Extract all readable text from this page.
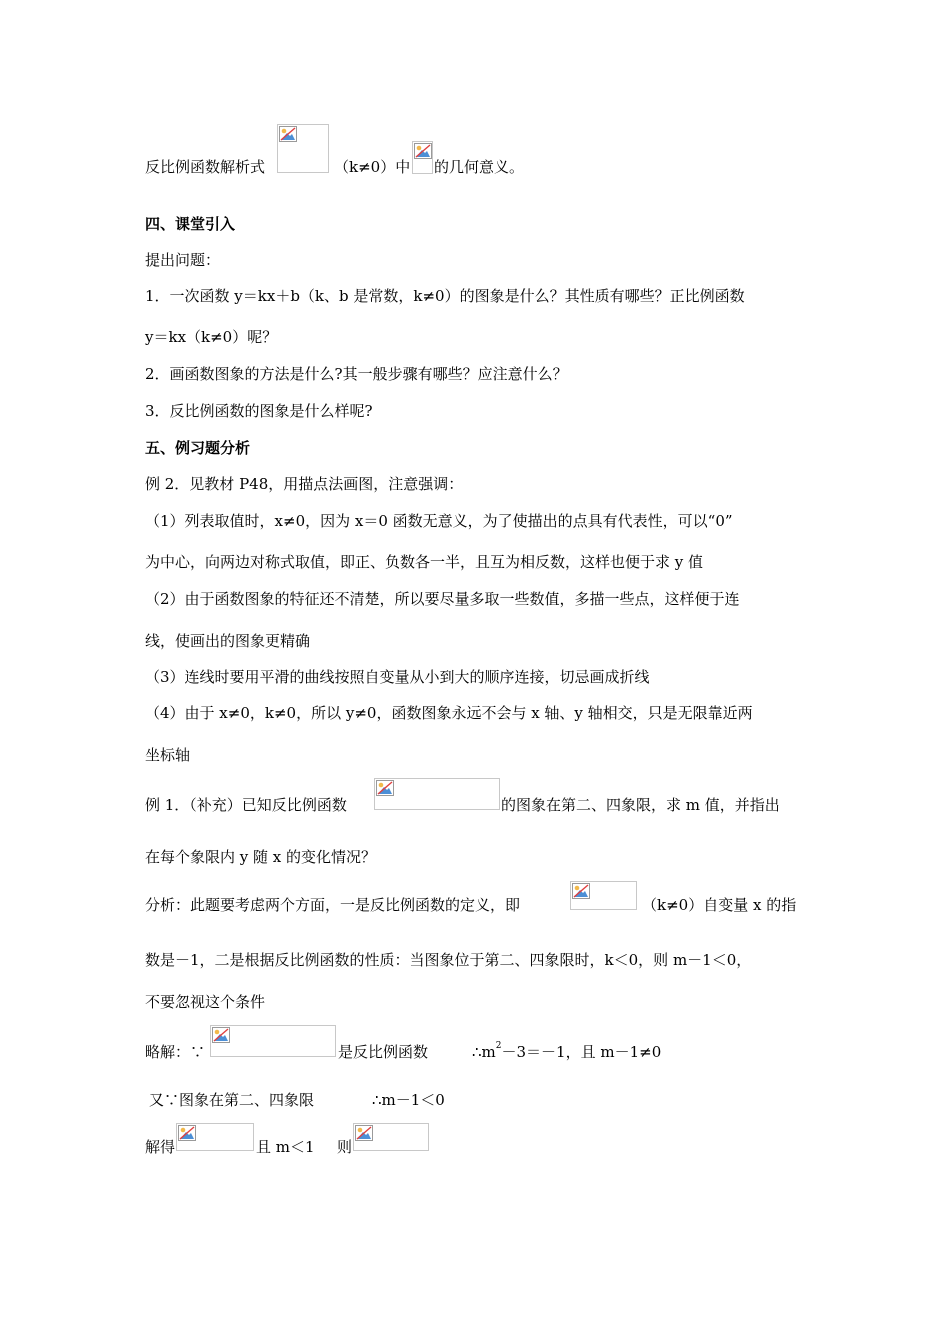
反比例函数解析式	（k≠0）中 的几何意义。
四、课堂引入
提出问题：
1．一次函数 y＝kx＋b（k、b 是常数，k≠0）的图象是什么？其性质有哪些？正比例函数
y＝kx（k≠0）呢？
2．画函数图象的方法是什么?其一般步骤有哪些？应注意什么？
3．反比例函数的图象是什么样呢?
五、例习题分析
例 2．见教材 P48，用描点法画图，注意强调：
（1）列表取值时，x≠0，因为 x＝0 函数无意义，为了使描出的点具有代表性，可以“0”
为中心，向两边对称式取值，即正、负数各一半，且互为相反数，这样也便于求 y 值
（2）由于函数图象的特征还不清楚，所以要尽量多取一些数值，多描一些点，这样便于连
线，使画出的图象更精确
（3）连线时要用平滑的曲线按照自变量从小到大的顺序连接，切忌画成折线
（4）由于 x≠0，k≠0，所以 y≠0，函数图象永远不会与 x 轴、y 轴相交，只是无限靠近两
坐标轴
例 1．（补充）已知反比例函数	的图象在第二、四象限，求 m 值，并指出
在每个象限内 y 随 x 的变化情况？
分析：此题要考虑两个方面，一是反比例函数的定义，即	（k≠0）自变量 x 的指
数是－1，二是根据反比例函数的性质：当图象位于第二、四象限时，k＜0，则 m－1＜0，
不要忽视这个条件
略解：∵	是反比例函数	$\therefore m^2-3=-1$，且 m－1≠0
又∵图象在第二、四象限	∴m－1＜0
解得	且 m＜1 则
